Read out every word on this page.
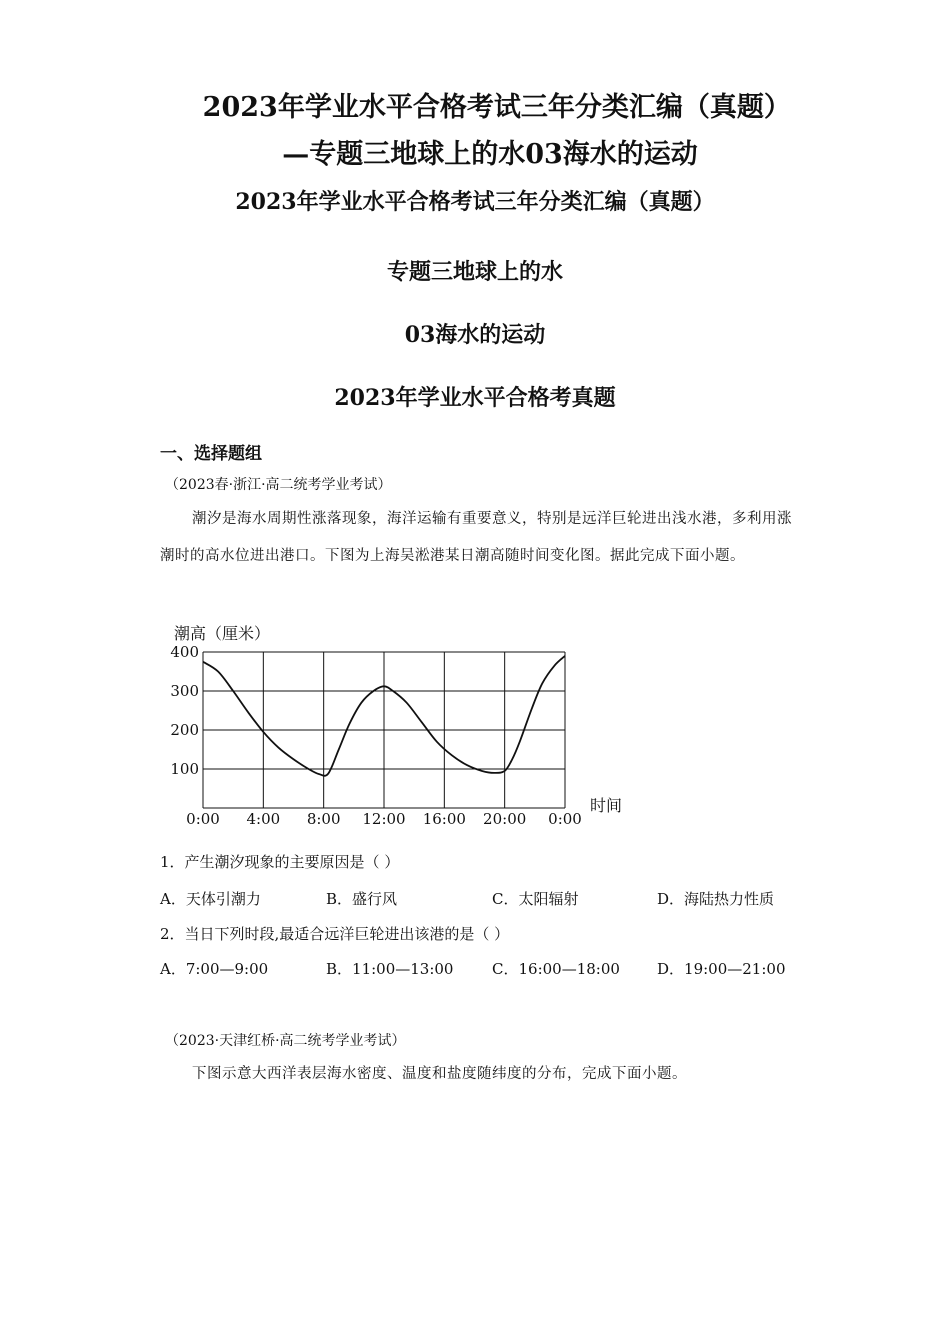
2023年学业水平合格考试三年分类汇编（真题）—专题三地球上的水03海水的运动
2023年学业水平合格考试三年分类汇编（真题）
专题三地球上的水
03海水的运动
2023年学业水平合格考真题
一、选择题组
（2023春·浙江·高二统考学业考试）
潮汐是海水周期性涨落现象，海洋运输有重要意义，特别是远洋巨轮进出浅水港，多利用涨潮时的高水位进出港口。下图为上海吴淞港某日潮高随时间变化图。据此完成下面小题。
潮高（厘米）
100
200
300
400
0:00 4:00 8:00 12:00 16:00 20:00 0:00
时间
1．产生潮汐现象的主要原因是（ ）
A．天体引潮力	B．盛行风	C．太阳辐射	D．海陆热力性质
2．当日下列时段,最适合远洋巨轮进出该港的是（ ）
A．7:00—9:00	B．11:00—13:00	C．16:00—18:00 D．19:00—21:00
（2023·天津红桥·高二统考学业考试）
下图示意大西洋表层海水密度、温度和盐度随纬度的分布，完成下面小题。
